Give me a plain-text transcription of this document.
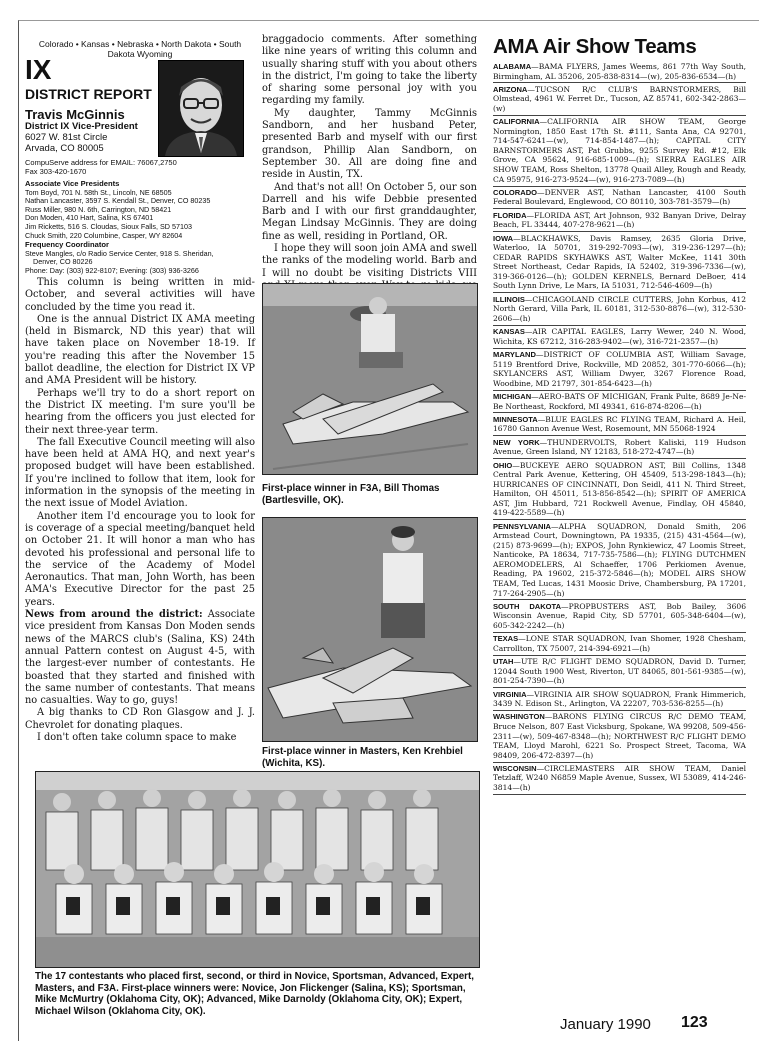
Colorado • Kansas • Nebraska • North Dakota • South Dakota Wyoming
IX
DISTRICT REPORT
Travis McGinnis
District IX Vice-President
6027 W. 81st Circle
Arvada, CO 80005
CompuServe address for EMAIL: 76067,2750
Fax 303-420-1670
Associate Vice Presidents
Tom Boyd, 701 N. 58th St., Lincoln, NE 68505
Nathan Lancaster, 3597 S. Kendall St., Denver, CO 80235
Russ Miller, 980 N. 6th, Carrington, ND 58421
Don Moden, 410 Hart, Salina, KS 67401
Jim Ricketts, 516 S. Cloudas, Sioux Falls, SD 57103
Chuck Smith, 220 Columbine, Casper, WY 82604
Frequency Coordinator
Steve Mangles, c/o Radio Service Center, 918 S. Sheridan,
Denver, CO 80226
Phone: Day: (303) 922-8107; Evening: (303) 936-3266

This column is being written in mid-October, and several activities will have concluded by the time you read it.

One is the annual District IX AMA meeting (held in Bismarck, ND this year) that will have taken place on November 18-19. If you're reading this after the November 15 ballot deadline, the election for District IX VP and AMA President will be history.

Perhaps we'll try to do a short report on the District IX meeting. I'm sure you'll be hearing from the officers you just elected for their next three-year term.

The fall Executive Council meeting will also have been held at AMA HQ, and next year's proposed budget will have been established. If you're inclined to follow that item, look for information in the synopsis of the meeting in the next issue of Model Aviation.

Another item I'd encourage you to look for is coverage of a special meeting/banquet held on October 21. It will honor a man who has devoted his professional and personal life to the service of the Academy of Model Aeronautics. That man, John Worth, has been AMA's Executive Director for the past 25 years.

News from around the district: Associate vice president from Kansas Don Moden sends news of the MARCS club's (Salina, KS) 24th annual Pattern contest on August 4-5, with the largest-ever number of contestants. He boasted that they started and finished with the same number of contestants. That means no casualties. Way to go, guys!

A big thanks to CD Ron Glasgow and J. J. Chevrolet for donating plaques.

I don't often take column space to make

braggadocio comments. After something like nine years of writing this column and usually sharing stuff with you about others in the district, I'm going to take the liberty of sharing some personal joy with you regarding my family.

My daughter, Tammy McGinnis Sandborn, and her husband Peter, presented Barb and myself with our first grandson, Phillip Alan Sandborn, on September 30. All are doing fine and reside in Austin, TX.

And that's not all! On October 5, our son Darrell and his wife Debbie presented Barb and I with our first granddaughter, Megan Lindsay McGinnis. They are doing fine as well, residing in Portland, OR.

I hope they will soon join AMA and swell the ranks of the modeling world. Barb and I will no doubt be visiting Districts VIII

First-place winner in F3A, Bill Thomas (Bartlesville, OK).
First-place winner in Masters, Ken Krehbiel (Wichita, KS).
The 17 contestants who placed first, second, or third in Novice, Sportsman, Advanced, Expert, Masters, and F3A. First-place winners were: Novice, Jon Flickenger (Salina, KS); Sportsman, Mike McMurtry (Oklahoma City, OK); Advanced, Mike Darnoldy (Oklahoma City, OK); Expert, Michael Wilson (Oklahoma City, OK).
AMA Air Show Teams
ALABAMA—BAMA FLYERS, James Weems, 861 77th Way South, Birmingham, AL 35206, 205-838-8314—(w), 205-836-6534—(h)
ARIZONA—TUCSON R/C CLUB'S BARNSTORMERS, Bill Olmstead, 4961 W. Ferret Dr., Tucson, AZ 85741, 602-342-2863—(w)
CALIFORNIA—CALIFORNIA AIR SHOW TEAM, George Normington, 1850 East 17th St. #111, Santa Ana, CA 92701, 714-547-6241—(w), 714-854-1487—(h); CAPITAL CITY BARNSTORMERS AST, Pat Grubbs, 9255 Survey Rd. #12, Elk Grove, CA 95624, 916-685-1009—(h); SIERRA EAGLES AIR SHOW TEAM, Ross Shelton, 13778 Quail Alley, Rough and Ready, CA 95975, 916-273-9524—(w), 916-273-7089—(h)
COLORADO—DENVER AST, Nathan Lancaster, 4100 South Federal Boulevard, Englewood, CO 80110, 303-781-3579—(h)
FLORIDA—FLORIDA AST, Art Johnson, 932 Banyan Drive, Delray Beach, FL 33444, 407-278-9621—(h)
IOWA—BLACKHAWKS, Davis Ramsey, 2635 Gloria Drive, Waterloo, IA 50701, 319-292-7093—(w), 319-236-1297—(h); CEDAR RAPIDS SKYHAWKS AST, Walter McKee, 1141 30th Street Northeast, Cedar Rapids, IA 52402, 319-396-7336—(w), 319-366-0126—(h); GOLDEN KERNELS, Bernard DeBoer, 414 South Lynn Drive, Le Mars, IA 51031, 712-546-4609—(h)
ILLINOIS—CHICAGOLAND CIRCLE CUTTERS, John Korbus, 412 North Gerard, Villa Park, IL 60181, 312-530-8876—(w), 312-530-2606—(h)
KANSAS—AIR CAPITAL EAGLES, Larry Wewer, 240 N. Wood, Wichita, KS 67212, 316-283-9402—(w), 316-721-2357—(h)
MARYLAND—DISTRICT OF COLUMBIA AST, William Savage, 5119 Brentford Drive, Rockville, MD 20852, 301-770-6066—(h); SKYLANCERS AST, William Dwyer, 3267 Florence Road, Woodbine, MD 21797, 301-854-6423—(h)
MICHIGAN—AERO-BATS OF MICHIGAN, Frank Pulte, 8689 Je-Ne-Be Northeast, Rockford, MI 49341, 616-874-8206—(h)
MINNESOTA—BLUE EAGLES RC FLYING TEAM, Richard A. Heil, 16780 Gannon Avenue West, Rosemount, MN 55068-1924
NEW YORK—THUNDERVOLTS, Robert Kaliski, 119 Hudson Avenue, Green Island, NY 12183, 518-272-4747—(h)
OHIO—BUCKEYE AERO SQUADRON AST, Bill Collins, 1348 Central Park Avenue, Kettering, OH 45409, 513-298-1843—(h); HURRICANES OF CINCINNATI, Don Seidl, 411 N. Third Street, Hamilton, OH 45011, 513-856-8542—(h); SPIRIT OF AMERICA AST, Jim Hubbard, 721 Rockwell Avenue, Findlay, OH 45840, 419-422-5589—(h)
PENNSYLVANIA—ALPHA SQUADRON, Donald Smith, 206 Armstead Court, Downingtown, PA 19335, (215) 431-4564—(w), (215) 873-9699—(h); EXPOS, John Rynkiewicz, 47 Loomis Street, Nanticoke, PA 18634, 717-735-7586—(h); FLYING DUTCHMEN AEROMODELERS, Al Schaeffer, 1706 Perkiomen Avenue, Reading, PA 19602, 215-372-5846—(h); MODEL AIRS SHOW TEAM, Ted Lucas, 1431 Moosic Drive, Chambersburg, PA 17201, 717-264-2905—(h)
SOUTH DAKOTA—PROPBUSTERS AST, Bob Bailey, 3606 Wisconsin Avenue, Rapid City, SD 57701, 605-348-6404—(w), 605-342-2242—(h)
TEXAS—LONE STAR SQUADRON, Ivan Shomer, 1928 Chesham, Carrollton, TX 75007, 214-394-6921—(h)
UTAH—UTE R/C FLIGHT DEMO SQUADRON, David D. Turner, 12044 South 1900 West, Riverton, UT 84065, 801-561-9385—(w), 801-254-7390—(h)
VIRGINIA—VIRGINIA AIR SHOW SQUADRON, Frank Himmerich, 3439 N. Edison St., Arlington, VA 22207, 703-536-8255—(h)
WASHINGTON—BARONS FLYING CIRCUS R/C DEMO TEAM, Bruce Nelson, 807 East Vicksburg, Spokane, WA 99208, 509-456-2311—(w), 509-467-8348—(h); NORTHWEST R/C FLIGHT DEMO TEAM, Lloyd Marohl, 6221 So. Prospect Street, Tacoma, WA 98409, 206-472-8397—(h)
WISCONSIN—CIRCLEMASTERS AIR SHOW TEAM, Daniel Tetzlaff, W240 N6859 Maple Avenue, Sussex, WI 53089, 414-246-3814—(h)
January 1990 123
